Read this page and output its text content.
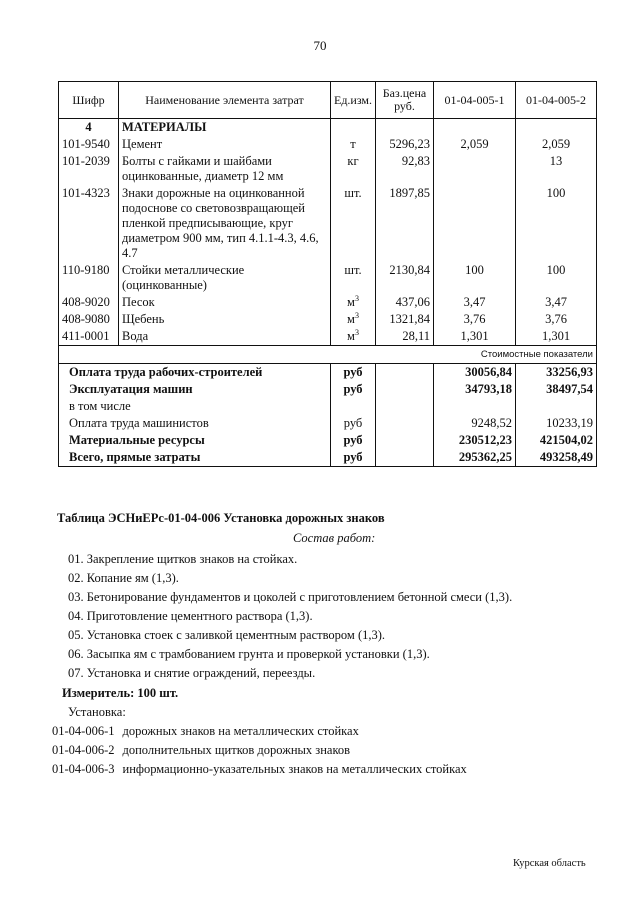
70
Шифр	Наименование элемента затрат	Ед.изм.	Баз.цена руб.	01-04-005-1	01-04-005-2
4	МАТЕРИАЛЫ				
101-9540	Цемент	т	5296,23	2,059	2,059
101-2039	Болты с гайками и шайбами оцинкованные, диаметр 12 мм	кг	92,83		13
101-4323	Знаки дорожные на оцинкованной подоснове со световозвращающей пленкой предписывающие, круг диаметром 900 мм, тип 4.1.1-4.3, 4.6, 4.7	шт.	1897,85		100
110-9180	Стойки металлические (оцинкованные)	шт.	2130,84	100	100
408-9020	Песок	$м^3$	437,06	3,47	3,47
408-9080	Щебень	$м^3$	1321,84	3,76	3,76
411-0001	Вода	$м^3$	28,11	1,301	1,301
Стоимостные показатели					
Оплата труда рабочих-строителей		руб		30056,84	33256,93
Эксплуатация машин		руб		34793,18	38497,54
в том числе					
Оплата труда машинистов		руб		9248,52	10233,19
Материальные ресурсы		руб		230512,23	421504,02
Всего, прямые затраты		руб		295362,25	493258,49
Таблица ЭСНиЕРс-01-04-006 Установка дорожных знаков
Состав работ:
01. Закрепление щитков знаков на стойках.
02. Копание ям (1,3).
03. Бетонирование фундаментов и цоколей с приготовлением бетонной смеси (1,3).
04. Приготовление цементного раствора (1,3).
05. Установка стоек с заливкой цементным раствором (1,3).
06. Засыпка ям с трамбованием грунта и проверкой установки (1,3).
07. Установка и снятие ограждений, переезды.
Измеритель: 100 шт.
Установка:
01-04-006-1 дорожных знаков на металлических стойках
01-04-006-2 дополнительных щитков дорожных знаков
01-04-006-3 информационно-указательных знаков на металлических стойках
Курская область
